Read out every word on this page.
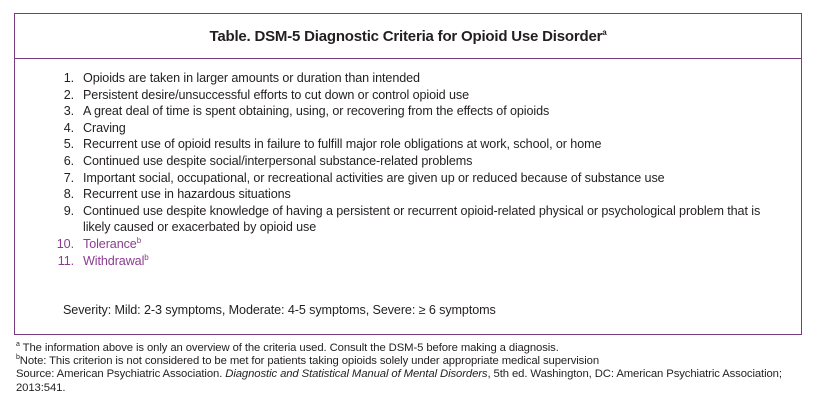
Table. DSM-5 Diagnostic Criteria for Opioid Use Disorder$^a$
1. Opioids are taken in larger amounts or duration than intended
2. Persistent desire/unsuccessful efforts to cut down or control opioid use
3. A great deal of time is spent obtaining, using, or recovering from the effects of opioids
4. Craving
5. Recurrent use of opioid results in failure to fulfill major role obligations at work, school, or home
6. Continued use despite social/interpersonal substance-related problems
7. Important social, occupational, or recreational activities are given up or reduced because of substance use
8. Recurrent use in hazardous situations
9. Continued use despite knowledge of having a persistent or recurrent opioid-related physical or psychological problem that is likely caused or exacerbated by opioid use
10. Tolerance$^b$
11. Withdrawal$^b$
Severity: Mild: 2-3 symptoms, Moderate: 4-5 symptoms, Severe: ≥ 6 symptoms

$^a$ The information above is only an overview of the criteria used. Consult the DSM-5 before making a diagnosis.

$^b$Note: This criterion is not considered to be met for patients taking opioids solely under appropriate medical supervision

Source: American Psychiatric Association. Diagnostic and Statistical Manual of Mental Disorders, 5th ed. Washington, DC: American Psychiatric Association; 2013:541.
